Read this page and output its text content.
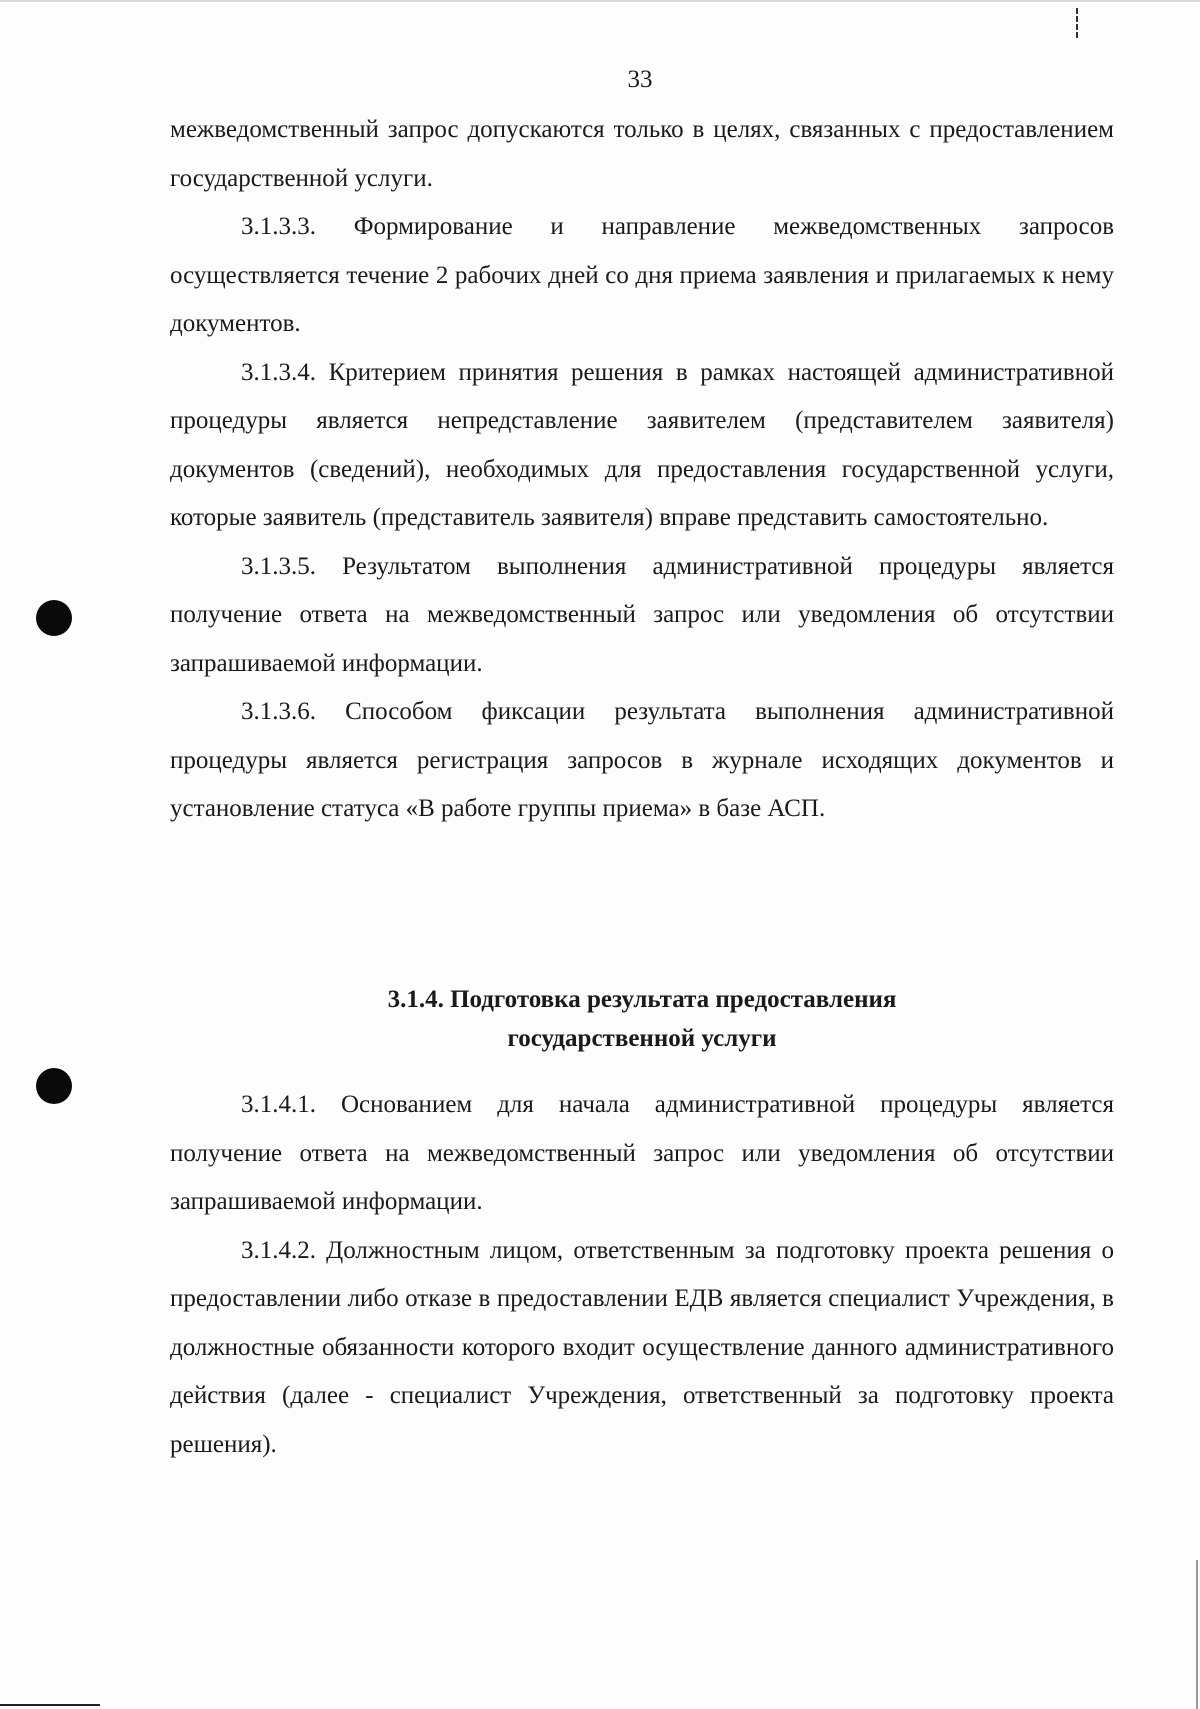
33

межведомственный запрос допускаются только в целях, связанных с предоставлением государственной услуги.

3.1.3.3. Формирование и направление межведомственных запросов осуществляется течение 2 рабочих дней со дня приема заявления и прилагаемых к нему документов.

3.1.3.4. Критерием принятия решения в рамках настоящей административной процедуры является непредставление заявителем (представителем заявителя) документов (сведений), необходимых для предоставления государственной услуги, которые заявитель (представитель заявителя) вправе представить самостоятельно.

3.1.3.5. Результатом выполнения административной процедуры является получение ответа на межведомственный запрос или уведомления об отсутствии запрашиваемой информации.

3.1.3.6. Способом фиксации результата выполнения административной процедуры является регистрация запросов в журнале исходящих документов и установление статуса «В работе группы приема» в базе АСП.

3.1.4. Подготовка результата предоставления
государственной услуги

3.1.4.1. Основанием для начала административной процедуры является получение ответа на межведомственный запрос или уведомления об отсутствии запрашиваемой информации.

3.1.4.2. Должностным лицом, ответственным за подготовку проекта решения о предоставлении либо отказе в предоставлении ЕДВ является специалист Учреждения, в должностные обязанности которого входит осуществление данного административного действия (далее - специалист Учреждения, ответственный за подготовку проекта решения).
